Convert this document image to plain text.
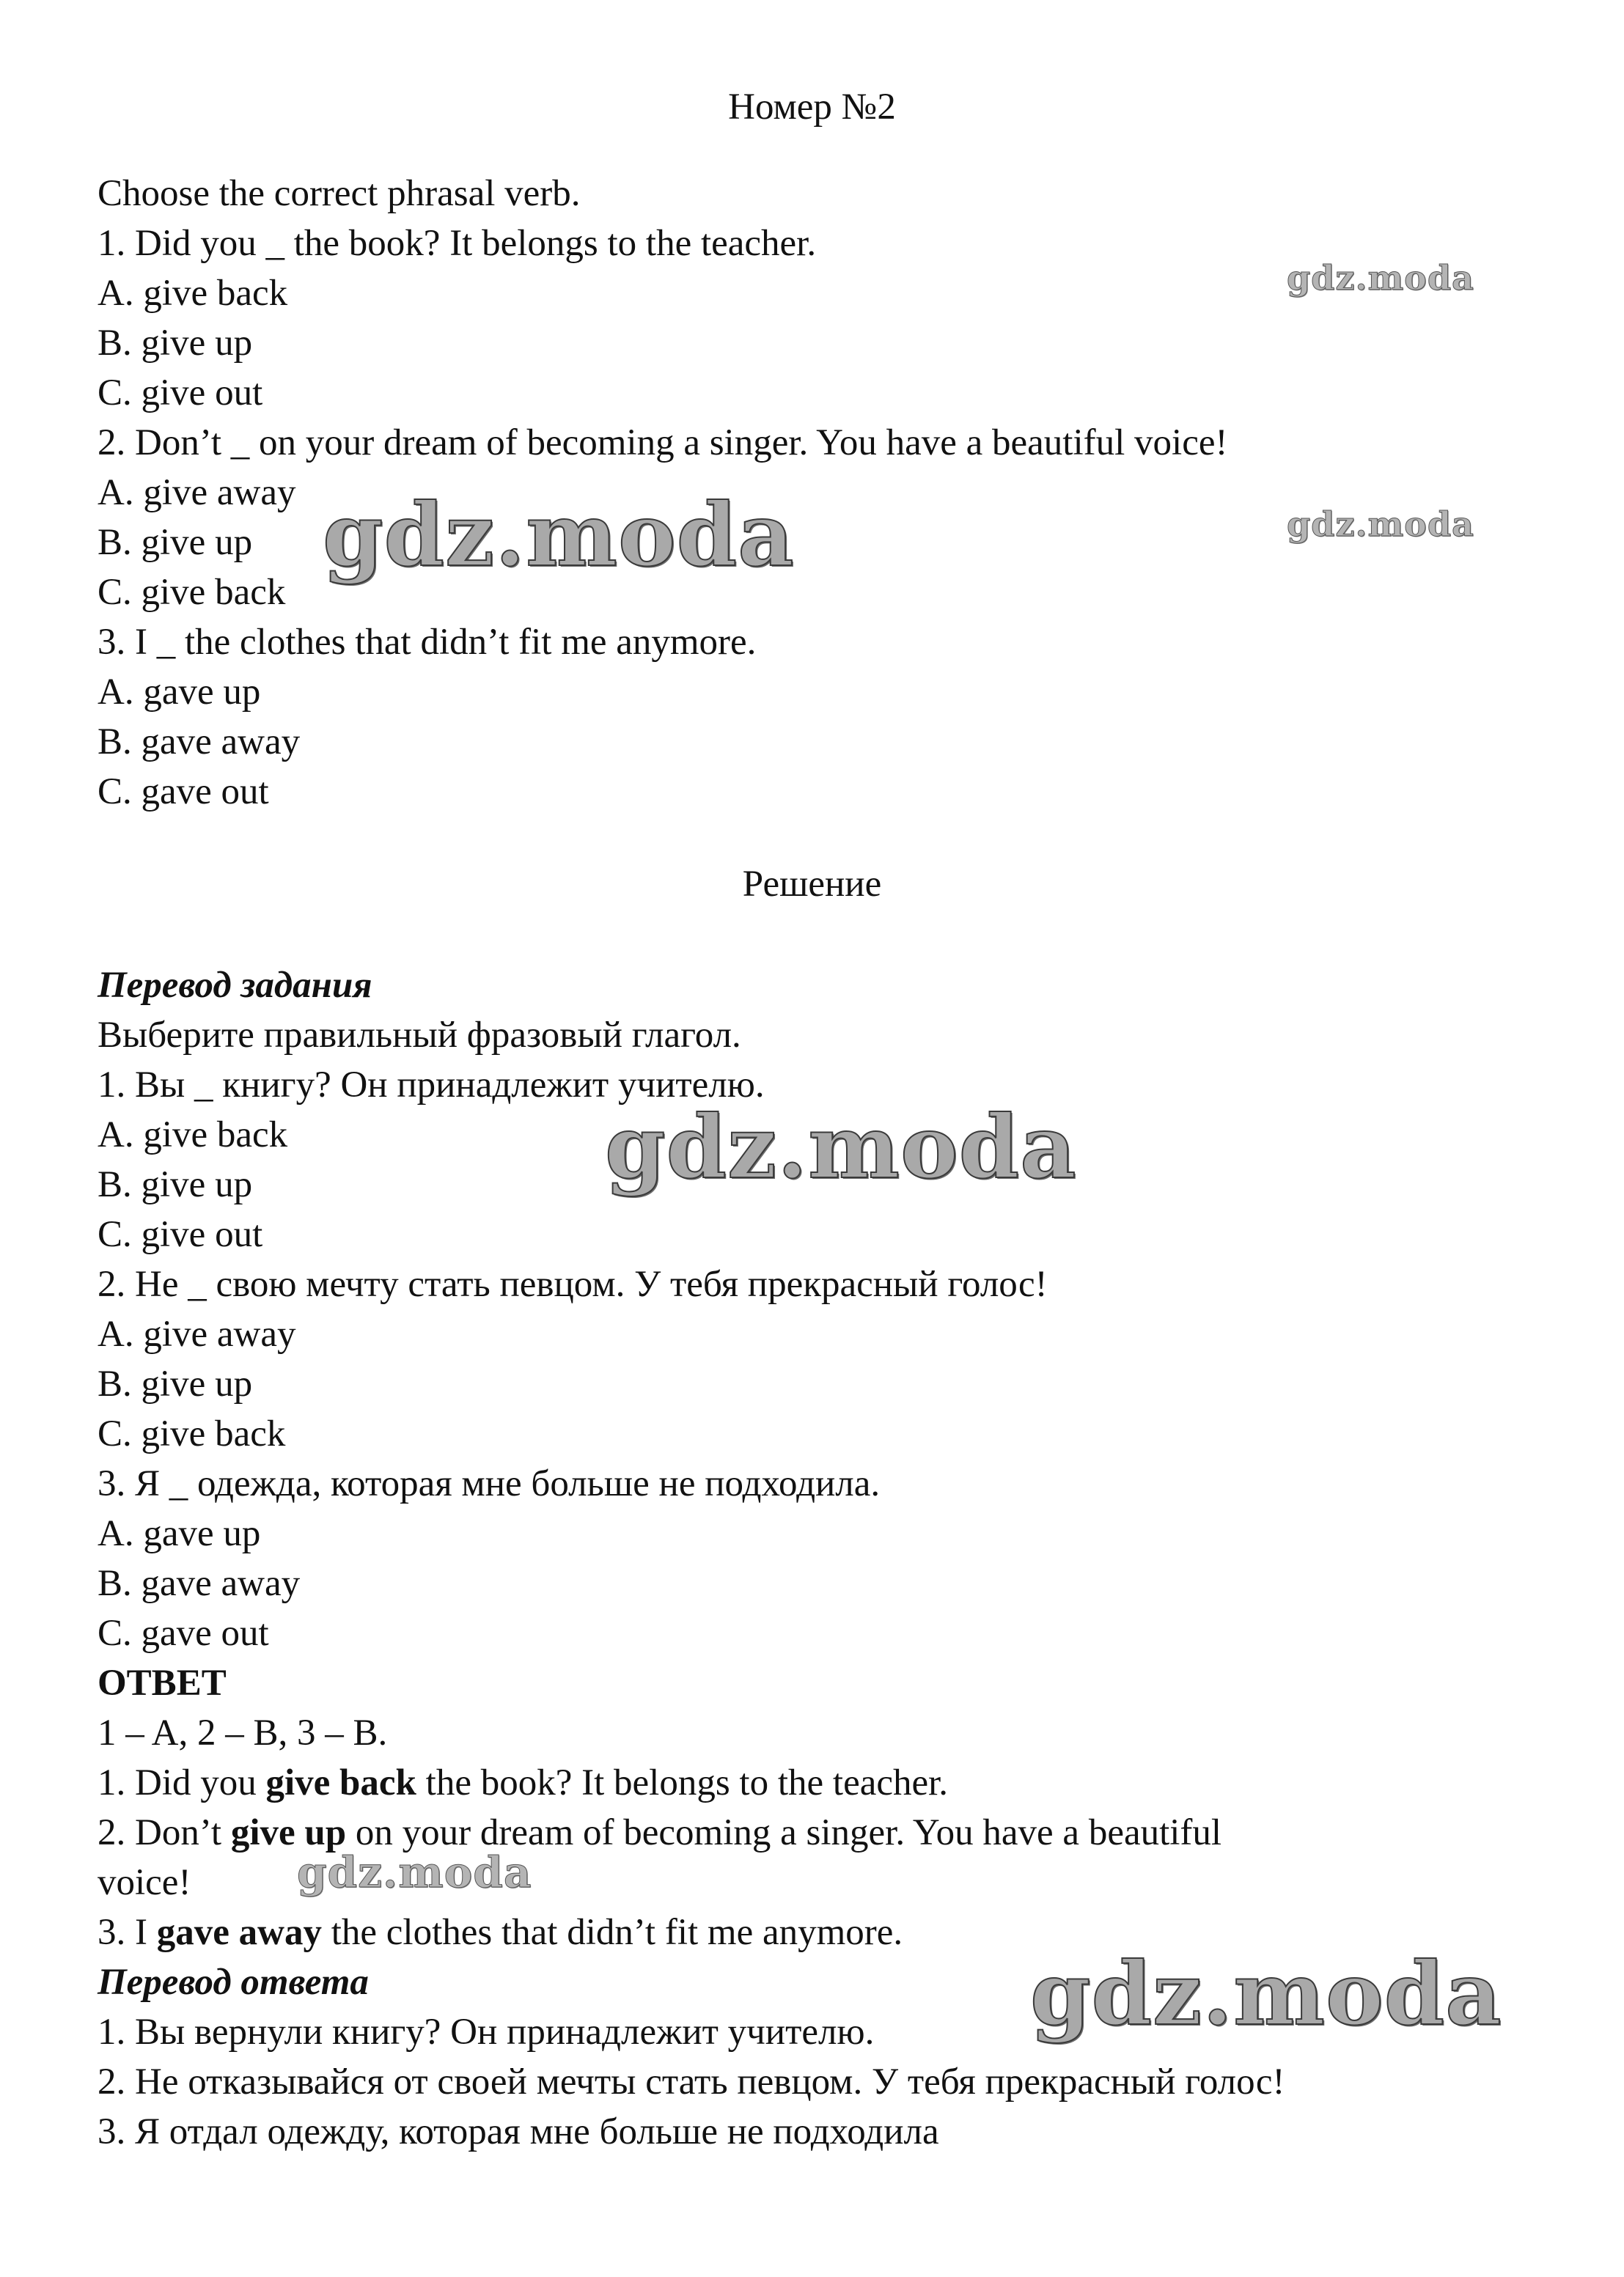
Номер №2
Choose the correct phrasal verb.
1. Did you _ the book? It belongs to the teacher.
A. give back
B. give up
C. give out
2. Don’t _ on your dream of becoming a singer. You have a beautiful voice!
A. give away
B. give up
C. give back
3. I _ the clothes that didn’t fit me anymore.
A. gave up
B. gave away
C. gave out
Решение
Перевод задания
Выберите правильный фразовый глагол.
1. Вы _ книгу? Он принадлежит учителю.
A. give back
B. give up
C. give out
2. Не _ свою мечту стать певцом. У тебя прекрасный голос!
A. give away
B. give up
C. give back
3. Я _ одежда, которая мне больше не подходила.
A. gave up
B. gave away
C. gave out
ОТВЕТ
1 – A, 2 – B, 3 – B.
1. Did you give back the book? It belongs to the teacher.
2. Don’t give up on your dream of becoming a singer. You have a beautiful
voice!
3. I gave away the clothes that didn’t fit me anymore.
Перевод ответа
1. Вы вернули книгу? Он принадлежит учителю.
2. Не отказывайся от своей мечты стать певцом. У тебя прекрасный голос!
3. Я отдал одежду, которая мне больше не подходила
gdz.moda
gdz.moda
gdz.moda
gdz.moda
gdz.moda
gdz.moda
